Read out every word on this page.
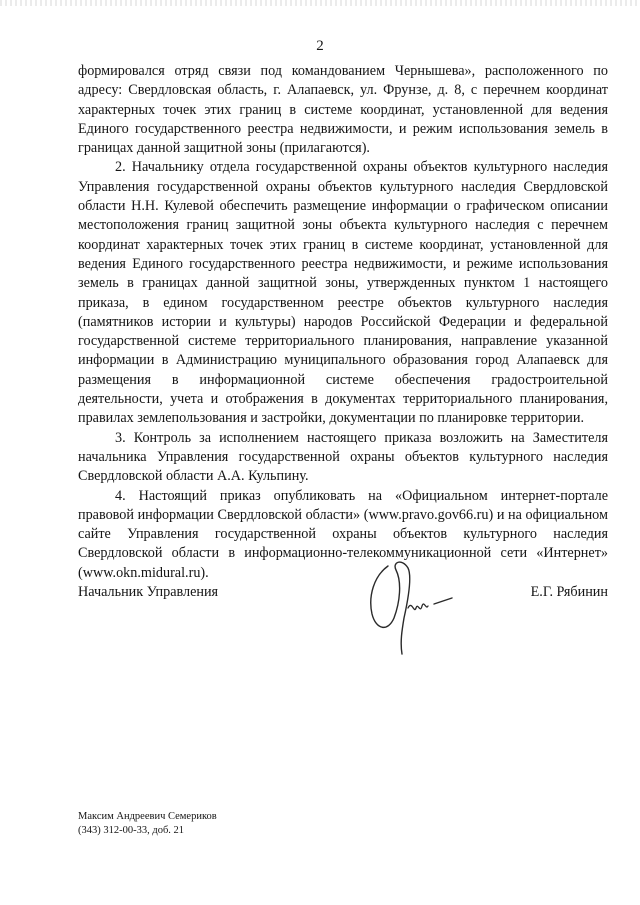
2

формировался отряд связи под командованием Чернышева», расположенного по адресу: Свердловская область, г. Алапаевск, ул. Фрунзе, д. 8, с перечнем координат характерных точек этих границ в системе координат, установленной для ведения Единого государственного реестра недвижимости, и режим использования земель в границах данной защитной зоны (прилагаются).

2. Начальнику отдела государственной охраны объектов культурного наследия Управления государственной охраны объектов культурного наследия Свердловской области Н.Н. Кулевой обеспечить размещение информации о графическом описании местоположения границ защитной зоны объекта культурного наследия с перечнем координат характерных точек этих границ в системе координат, установленной для ведения Единого государственного реестра недвижимости, и режиме использования земель в границах данной защитной зоны, утвержденных пунктом 1 настоящего приказа, в едином государственном реестре объектов культурного наследия (памятников истории и культуры) народов Российской Федерации и федеральной государственной системе территориального планирования, направление указанной информации в Администрацию муниципального образования город Алапаевск для размещения в информационной системе обеспечения градостроительной деятельности, учета и отображения в документах территориального планирования, правилах землепользования и застройки, документации по планировке территории.

3. Контроль за исполнением настоящего приказа возложить на Заместителя начальника Управления государственной охраны объектов культурного наследия Свердловской области А.А. Кульпину.

4. Настоящий приказ опубликовать на «Официальном интернет-портале правовой информации Свердловской области» (www.pravo.gov66.ru) и на официальном сайте Управления государственной охраны объектов культурного наследия Свердловской области в информационно-телекоммуникационной сети «Интернет» (www.okn.midural.ru).

Начальник Управления	Е.Г. Рябинин
Максим Андреевич Семериков
(343) 312-00-33, доб. 21
